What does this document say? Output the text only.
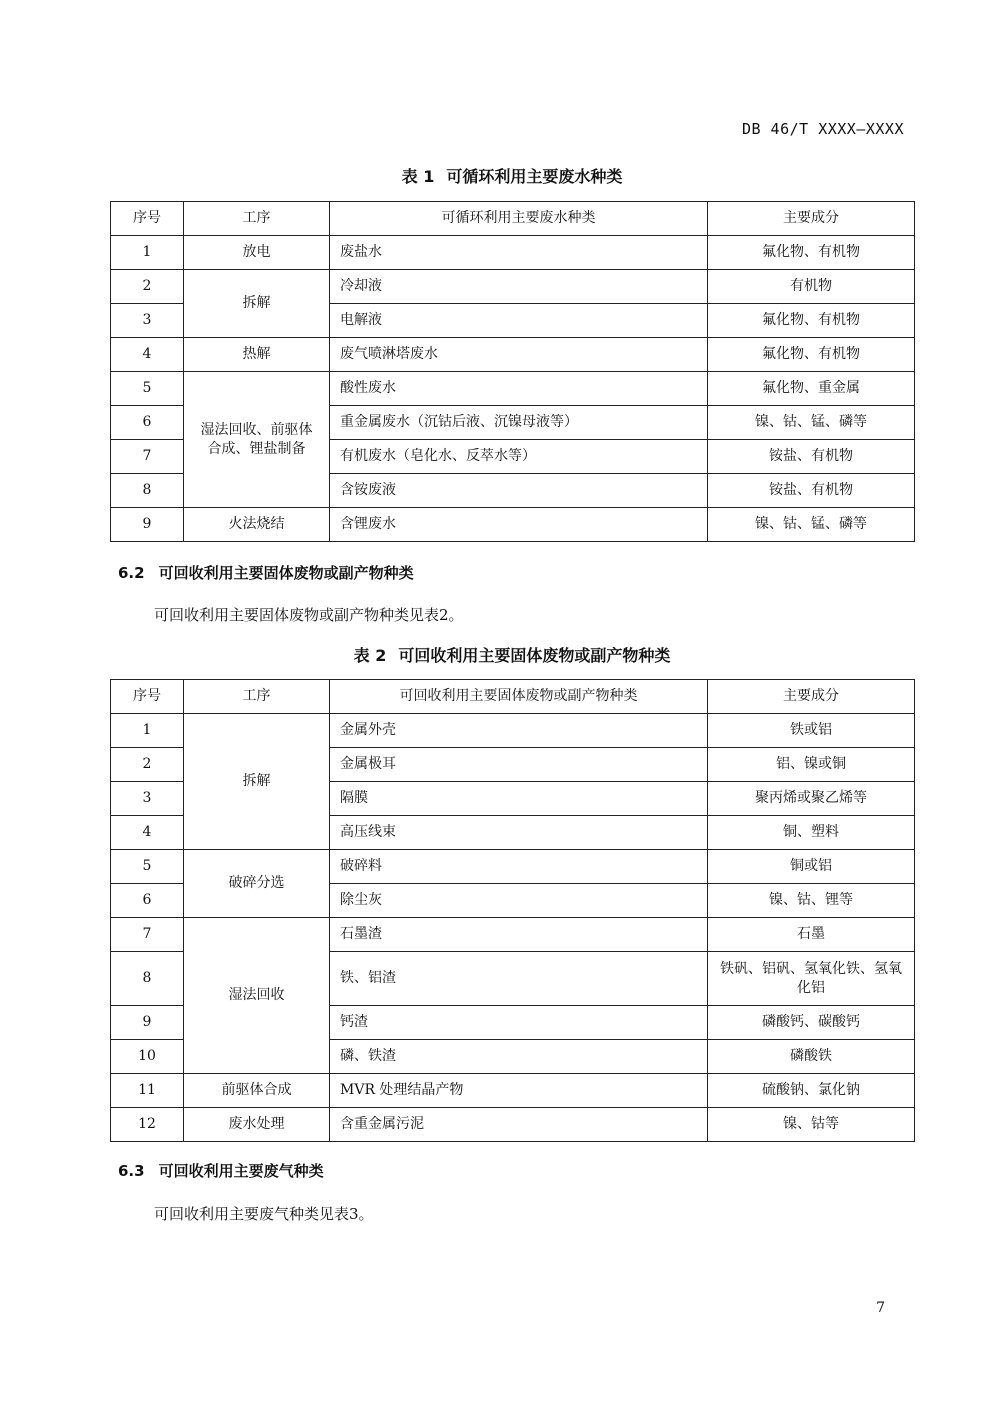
DB 46/T XXXX—XXXX
表 1 可循环利用主要废水种类
序号	工序	可循环利用主要废水种类	主要成分
1	放电	废盐水	氟化物、有机物
2	拆解	冷却液	有机物
3		电解液	氟化物、有机物
4	热解	废气喷淋塔废水	氟化物、有机物
5	湿法回收、前驱体合成、锂盐制备	酸性废水	氟化物、重金属
6		重金属废水（沉钴后液、沉镍母液等）	镍、钴、锰、磷等
7		有机废水（皂化水、反萃水等）	铵盐、有机物
8		含铵废液	铵盐、有机物
9	火法烧结	含锂废水	镍、钴、锰、磷等
6.2 可回收利用主要固体废物或副产物种类
可回收利用主要固体废物或副产物种类见表2。
表 2 可回收利用主要固体废物或副产物种类
序号	工序	可回收利用主要固体废物或副产物种类	主要成分
1	拆解	金属外壳	铁或铝
2		金属极耳	铝、镍或铜
3		隔膜	聚丙烯或聚乙烯等
4		高压线束	铜、塑料
5	破碎分选	破碎料	铜或铝
6		除尘灰	镍、钴、锂等
7	湿法回收	石墨渣	石墨
8		铁、铝渣	铁矾、铝矾、氢氧化铁、氢氧化铝
9		钙渣	磷酸钙、碳酸钙
10		磷、铁渣	磷酸铁
11	前驱体合成	MVR 处理结晶产物	硫酸钠、氯化钠
12	废水处理	含重金属污泥	镍、钴等
6.3 可回收利用主要废气种类
可回收利用主要废气种类见表3。
7
